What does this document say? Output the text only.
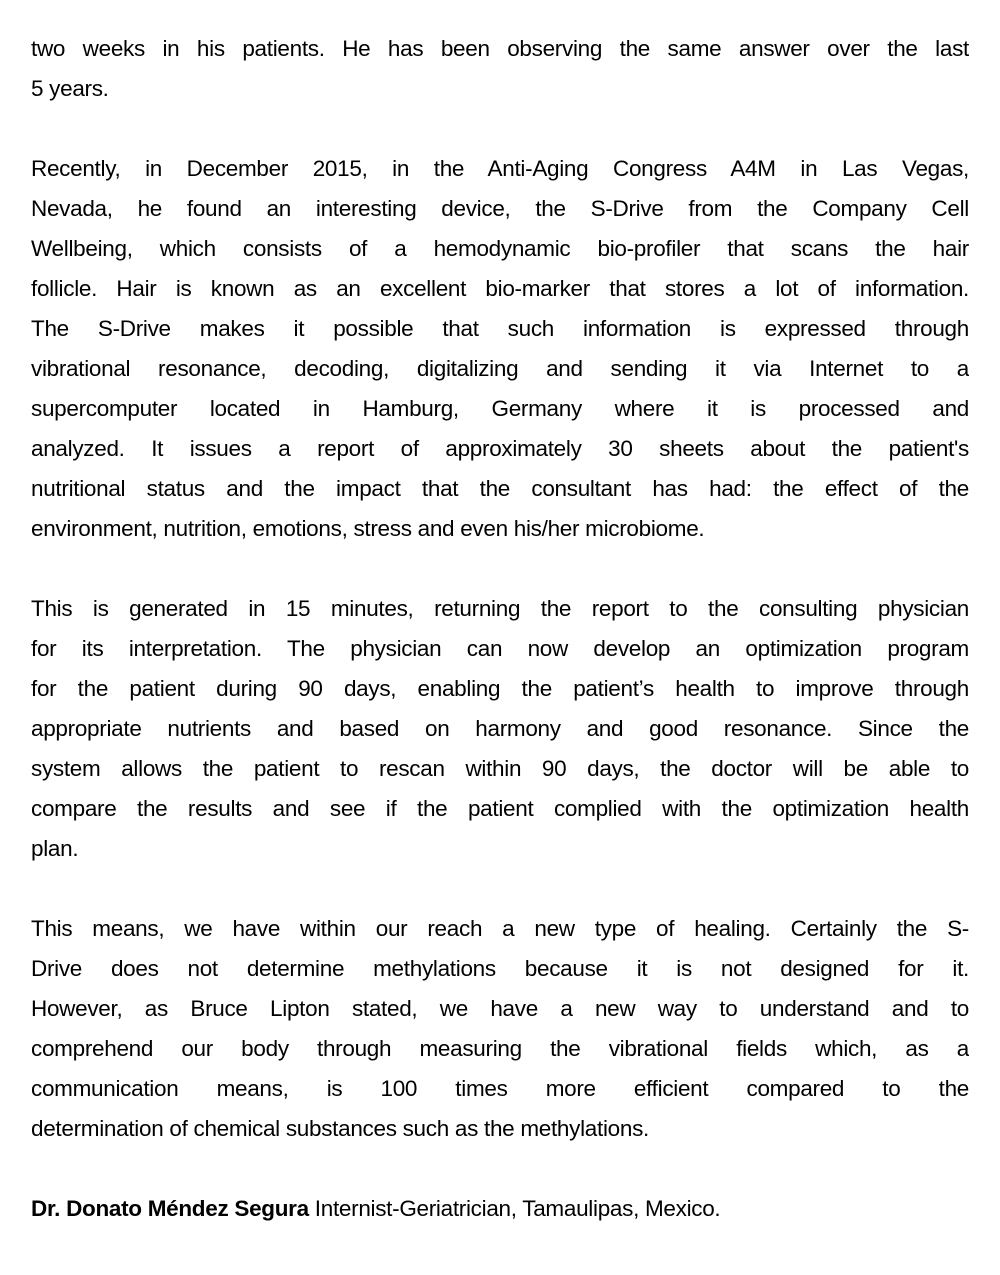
two weeks in his patients. He has been observing the same answer over the last
5 years.
Recently, in December 2015, in the Anti-Aging Congress A4M in Las Vegas,
Nevada, he found an interesting device, the S-Drive from the Company Cell
Wellbeing, which consists of a hemodynamic bio-profiler that scans the hair
follicle. Hair is known as an excellent bio-marker that stores a lot of information.
The S-Drive makes it possible that such information is expressed through
vibrational resonance, decoding, digitalizing and sending it via Internet to a
supercomputer located in Hamburg, Germany where it is processed and
analyzed. It issues a report of approximately 30 sheets about the patient's
nutritional status and the impact that the consultant has had: the effect of the
environment, nutrition, emotions, stress and even his/her microbiome.
This is generated in 15 minutes, returning the report to the consulting physician
for its interpretation. The physician can now develop an optimization program
for the patient during 90 days, enabling the patient’s health to improve through
appropriate nutrients and based on harmony and good resonance. Since the
system allows the patient to rescan within 90 days, the doctor will be able to
compare the results and see if the patient complied with the optimization health
plan.
This means, we have within our reach a new type of healing. Certainly the S-
Drive does not determine methylations because it is not designed for it.
However, as Bruce Lipton stated, we have a new way to understand and to
comprehend our body through measuring the vibrational fields which, as a
communication means, is 100 times more efficient compared to the
determination of chemical substances such as the methylations.

Dr. Donato Méndez Segura Internist-Geriatrician, Tamaulipas, Mexico.
